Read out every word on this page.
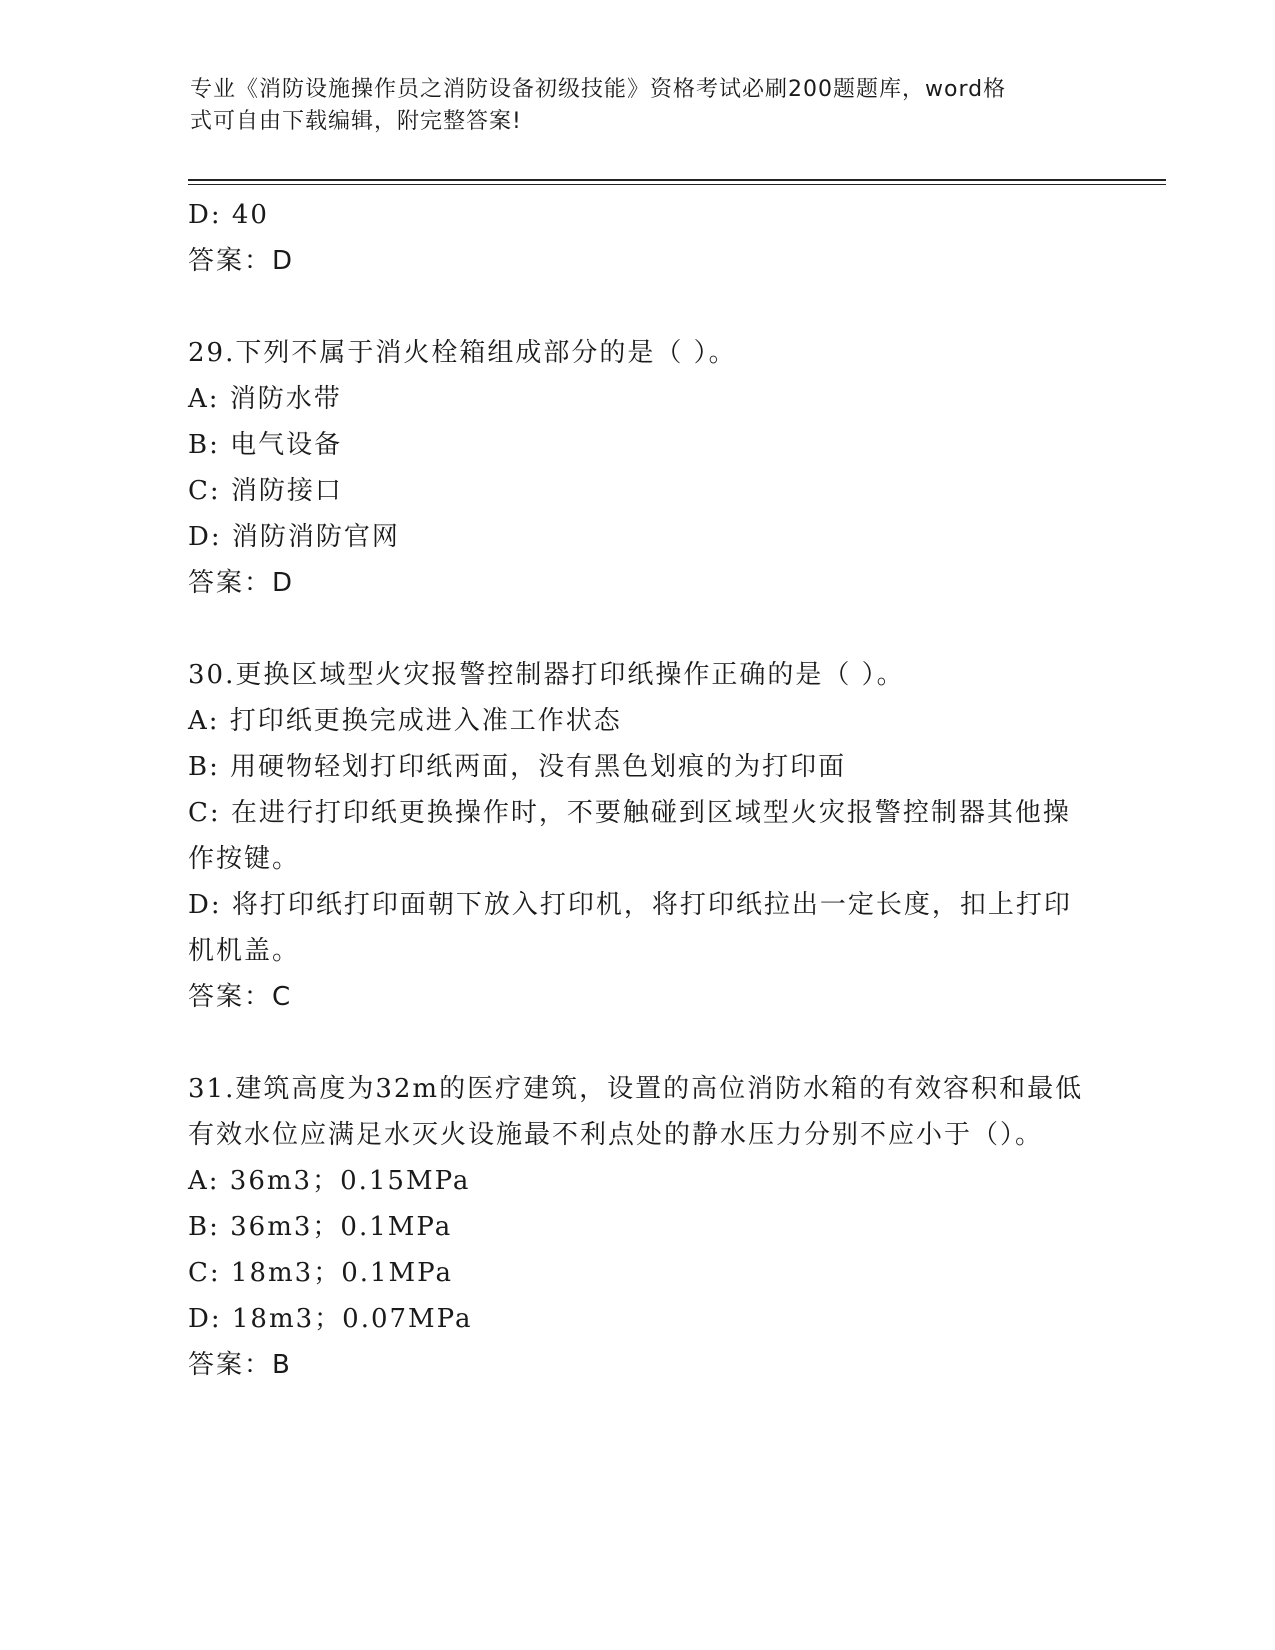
专业《消防设施操作员之消防设备初级技能》资格考试必刷200题题库，word格
式可自由下载编辑，附完整答案!

D: 40

答案：D

29.下列不属于消火栓箱组成部分的是（ ）。

A: 消防水带

B: 电气设备

C: 消防接口

D: 消防消防官网

答案：D

30.更换区域型火灾报警控制器打印纸操作正确的是（ ）。

A: 打印纸更换完成进入准工作状态

B: 用硬物轻划打印纸两面，没有黑色划痕的为打印面

C: 在进行打印纸更换操作时，不要触碰到区域型火灾报警控制器其他操作按键。

D: 将打印纸打印面朝下放入打印机，将打印纸拉出一定长度，扣上打印机机盖。

答案：C

31.建筑高度为32m的医疗建筑，设置的高位消防水箱的有效容积和最低有效水位应满足水灭火设施最不利点处的静水压力分别不应小于（）。

A: 36m3；0.15MPa

B: 36m3；0.1MPa

C: 18m3；0.1MPa

D: 18m3；0.07MPa

答案：B
